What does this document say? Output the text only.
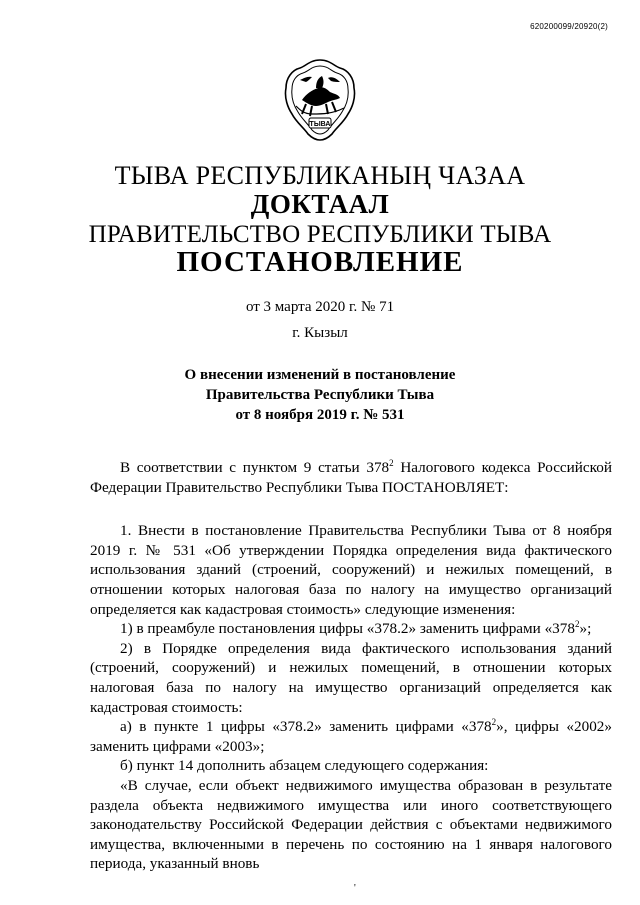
620200099/20920(2)
ТЫВА
ТЫВА РЕСПУБЛИКАНЫҢ ЧАЗАА
ДОКТААЛ
ПРАВИТЕЛЬСТВО РЕСПУБЛИКИ ТЫВА
ПОСТАНОВЛЕНИЕ
от 3 марта 2020 г. № 71
г. Кызыл
О внесении изменений в постановление
Правительства Республики Тыва
от 8 ноября 2019 г. № 531

В соответствии с пунктом 9 статьи $378^2$ Налогового кодекса Российской Федерации Правительство Республики Тыва ПОСТАНОВЛЯЕТ:

1. Внести в постановление Правительства Республики Тыва от 8 ноября 2019 г. № 531 «Об утверждении Порядка определения вида фактического использования зданий (строений, сооружений) и нежилых помещений, в отношении которых налоговая база по налогу на имущество организаций определяется как кадастровая стоимость» следующие изменения:

1) в преамбуле постановления цифры «378.2» заменить цифрами «$378^2$»;

2) в Порядке определения вида фактического использования зданий (строений, сооружений) и нежилых помещений, в отношении которых налоговая база по налогу на имущество организаций определяется как кадастровая стоимость:

а) в пункте 1 цифры «378.2» заменить цифрами «$378^2$», цифры «2002» заменить цифрами «2003»;

б) пункт 14 дополнить абзацем следующего содержания:

«В случае, если объект недвижимого имущества образован в результате раздела объекта недвижимого имущества или иного соответствующего законодательству Российской Федерации действия с объектами недвижимого имущества, включенными в перечень по состоянию на 1 января налогового периода, указанный вновь

'
